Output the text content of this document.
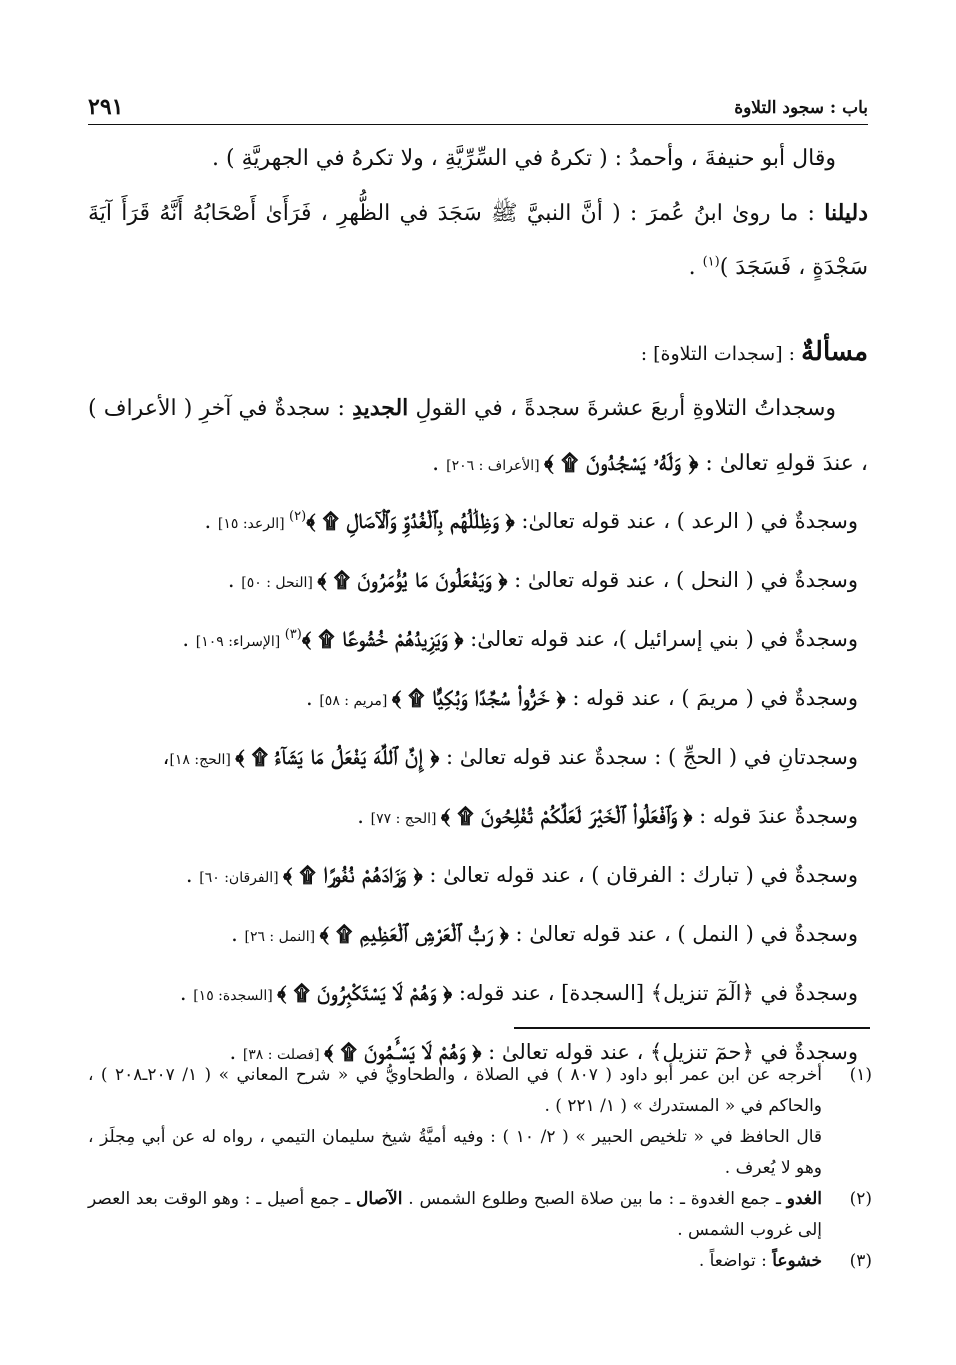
باب : سجود التلاوة
٢٩١

وقال أبو حنيفةَ ، وأحمدُ : ( تكرهُ في السِّرِّيَّةِ ، ولا تكرهُ في الجهريَّةِ ) .

دليلنا : ما روىٰ ابنُ عُمرَ : ( أنَّ النبيَّ ﷺ سَجَدَ في الظُّهرِ ، فَرَأَىٰ أَصْحَابُهُ أَنَّهُ قَرَأَ آيَةَ سَجْدَةٍ ، فَسَجَدَ )$^{(١)}$ .

مسألةٌ : [سجدات التلاوة] :

وسجداتُ التلاوةِ أربعَ عشرةَ سجدةً ، في القولِ الجديدِ : سجدةٌ في آخرِ ( الأعراف ) ، عندَ قولهِ تعالىٰ : ﴿ وَلَهُۥ يَسْجُدُونَ ۩ ﴾ [الأعراف : ٢٠٦] .

وسجدةٌ في ( الرعد ) ، عند قوله تعالىٰ: ﴿ وَظِلَٰلُهُم بِٱلْغُدُوِّ وَٱلْآصَالِ ۩ ﴾$^{(٢)}$ [الرعد: ١٥] .

وسجدةٌ في ( النحل ) ، عند قوله تعالىٰ : ﴿ وَيَفْعَلُونَ مَا يُؤْمَرُونَ ۩ ﴾ [النحل : ٥٠] .

وسجدةٌ في ( بني إسرائيل )، عند قوله تعالىٰ: ﴿ وَيَزِيدُهُمْ خُشُوعًا ۩ ﴾$^{(٣)}$ [الإسراء: ١٠٩] .

وسجدةٌ في ( مريمَ ) ، عند قوله : ﴿ خَرُّوا۟ سُجَّدًا وَبُكِيًّا ۩ ﴾ [مريم : ٥٨] .

وسجدتانِ في ( الحجِّ ) : سجدةٌ عند قوله تعالىٰ : ﴿ إِنَّ ٱللَّهَ يَفْعَلُ مَا يَشَآءُ ۩ ﴾ [الحج: ١٨]،

وسجدةٌ عندَ قوله : ﴿ وَٱفْعَلُوا۟ ٱلْخَيْرَ لَعَلَّكُمْ تُفْلِحُونَ ۩ ﴾ [الحج : ٧٧] .

وسجدةٌ في ( تبارك : الفرقان ) ، عند قوله تعالىٰ : ﴿ وَزَادَهُمْ نُفُورًا ۩ ﴾ [الفرقان: ٦٠] .

وسجدةٌ في ( النمل ) ، عند قوله تعالىٰ : ﴿ رَبُّ ٱلْعَرْشِ ٱلْعَظِيمِ ۩ ﴾ [النمل : ٢٦] .

وسجدةٌ في ﴿الٓمٓ تنزيل﴾ [السجدة] ، عند قوله: ﴿ وَهُمْ لَا يَسْتَكْبِرُونَ ۩ ﴾ [السجدة: ١٥] .

وسجدةٌ في ﴿حمٓ تنزيل﴾ ، عند قوله تعالىٰ : ﴿ وَهُمْ لَا يَسْـَٔمُونَ ۩ ﴾ [فصلت : ٣٨] .

(١)
أخرجه عن ابن عمر أبو داود ( ٨٠٧ ) في الصلاة ، والطحاويُّ في « شرح المعاني » ( ١/ ٢٠٧ـ٢٠٨ ) ، والحاكم في « المستدرك » ( ١/ ٢٢١ ) .

قال الحافظ في « تلخيص الحبير » ( ٢/ ١٠ ) : وفيه أميَّةُ شيخ سليمان التيمي ، رواه له عن أبي مِجلَز ، وهو لا يُعرف .

(٢)
الغدو ـ جمع الغدوة ـ : ما بين صلاة الصبح وطلوع الشمس . الآصال ـ جمع أصيل ـ : وهو الوقت بعد العصر إلى غروب الشمس .

(٣)
خشوعاً : تواضعاً .
